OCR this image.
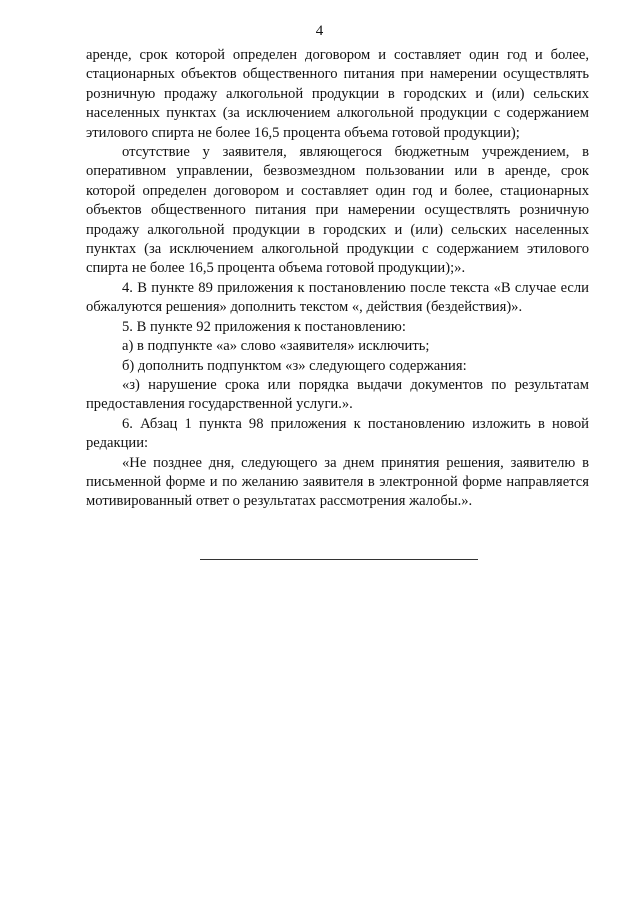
4

аренде, срок которой определен договором и составляет один год и более, стационарных объектов общественного питания при намерении осуществлять розничную продажу алкогольной продукции в городских и (или) сельских населенных пунктах (за исключением алкогольной продукции с содержанием этилового спирта не более 16,5 процента объема готовой продукции);

отсутствие у заявителя, являющегося бюджетным учреждением, в оперативном управлении, безвозмездном пользовании или в аренде, срок которой определен договором и составляет один год и более, стационарных объектов общественного питания при намерении осуществлять розничную продажу алкогольной продукции в городских и (или) сельских населенных пунктах (за исключением алкогольной продукции с содержанием этилового спирта не более 16,5 процента объема готовой продукции);».

4. В пункте 89 приложения к постановлению после текста «В случае если обжалуются решения» дополнить текстом «, действия (бездействия)».

5. В пункте 92 приложения к постановлению:

а) в подпункте «а» слово «заявителя» исключить;

б) дополнить подпунктом «з» следующего содержания:

«з) нарушение срока или порядка выдачи документов по результатам предоставления государственной услуги.».

6. Абзац 1 пункта 98 приложения к постановлению изложить в новой редакции:

«Не позднее дня, следующего за днем принятия решения, заявителю в письменной форме и по желанию заявителя в электронной форме направляется мотивированный ответ о результатах рассмотрения жалобы.».
